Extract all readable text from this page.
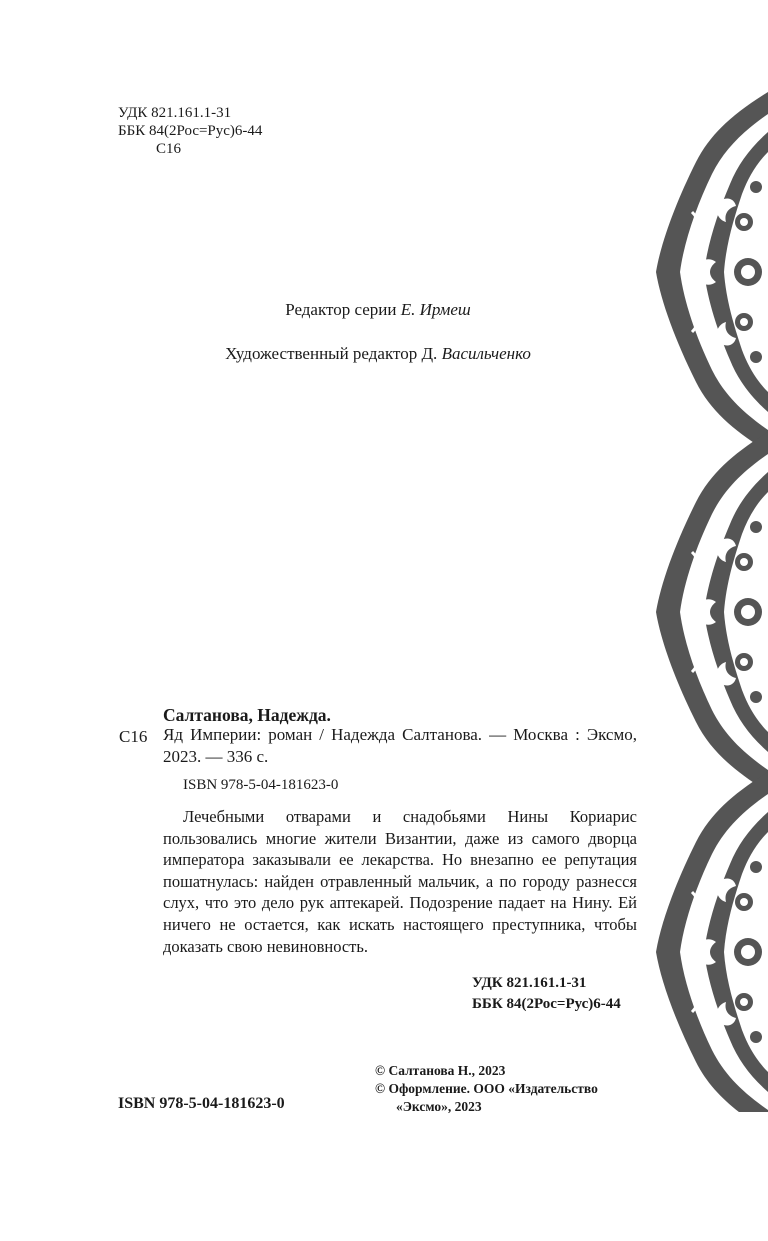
УДК 821.161.1-31
ББК 84(2Рос=Рус)6-44
С16
Редактор серии Е. Ирмеш
Художественный редактор Д. Васильченко
Салтанова, Надежда.
С16 Яд Империи: роман / Надежда Салтанова. — Москва : Эксмо, 2023. — 336 с.
ISBN 978-5-04-181623-0
Лечебными отварами и снадобьями Нины Кориарис пользовались многие жители Византии, даже из самого дворца императора заказывали ее лекарства. Но внезапно ее репутация пошатнулась: найден отравленный мальчик, а по городу разнесся слух, что это дело рук аптекарей. Подозрение падает на Нину. Ей ничего не остается, как искать настоящего преступника, чтобы доказать свою невиновность.
УДК 821.161.1-31
ББК 84(2Рос=Рус)6-44
© Салтанова Н., 2023
© Оформление. ООО «Издательство
«Эксмо», 2023
ISBN 978-5-04-181623-0
